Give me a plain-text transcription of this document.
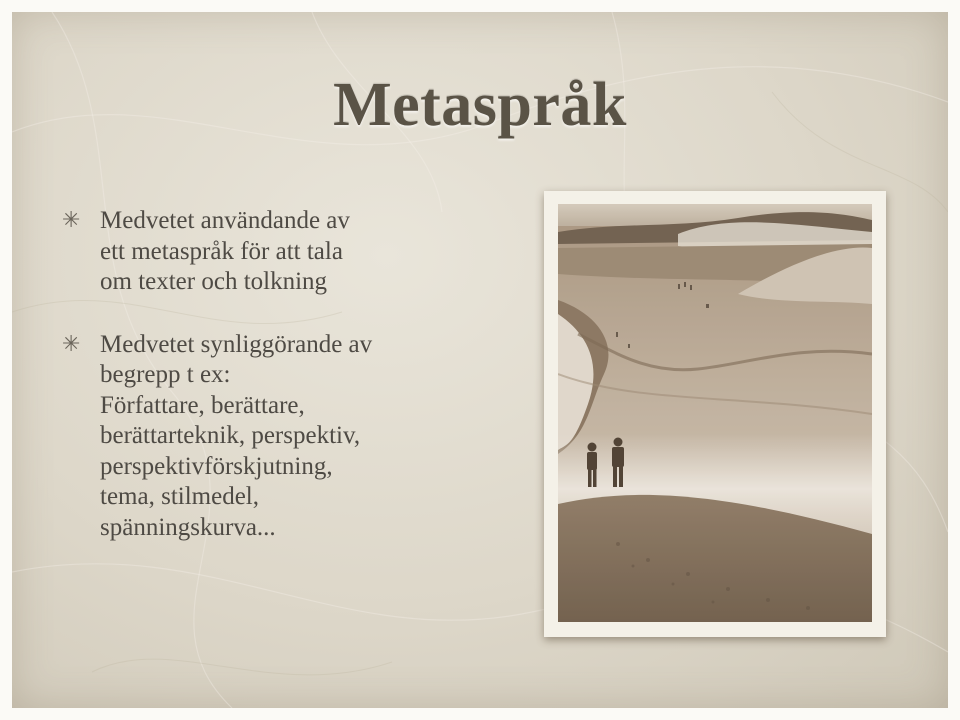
Metaspråk
✳ Medvetet användande av
ett metaspråk för att tala
om texter och tolkning
✳ Medvetet synliggörande av
begrepp t ex:
Författare, berättare,
berättarteknik, perspektiv,
perspektivförskjutning,
tema, stilmedel,
spänningskurva...
